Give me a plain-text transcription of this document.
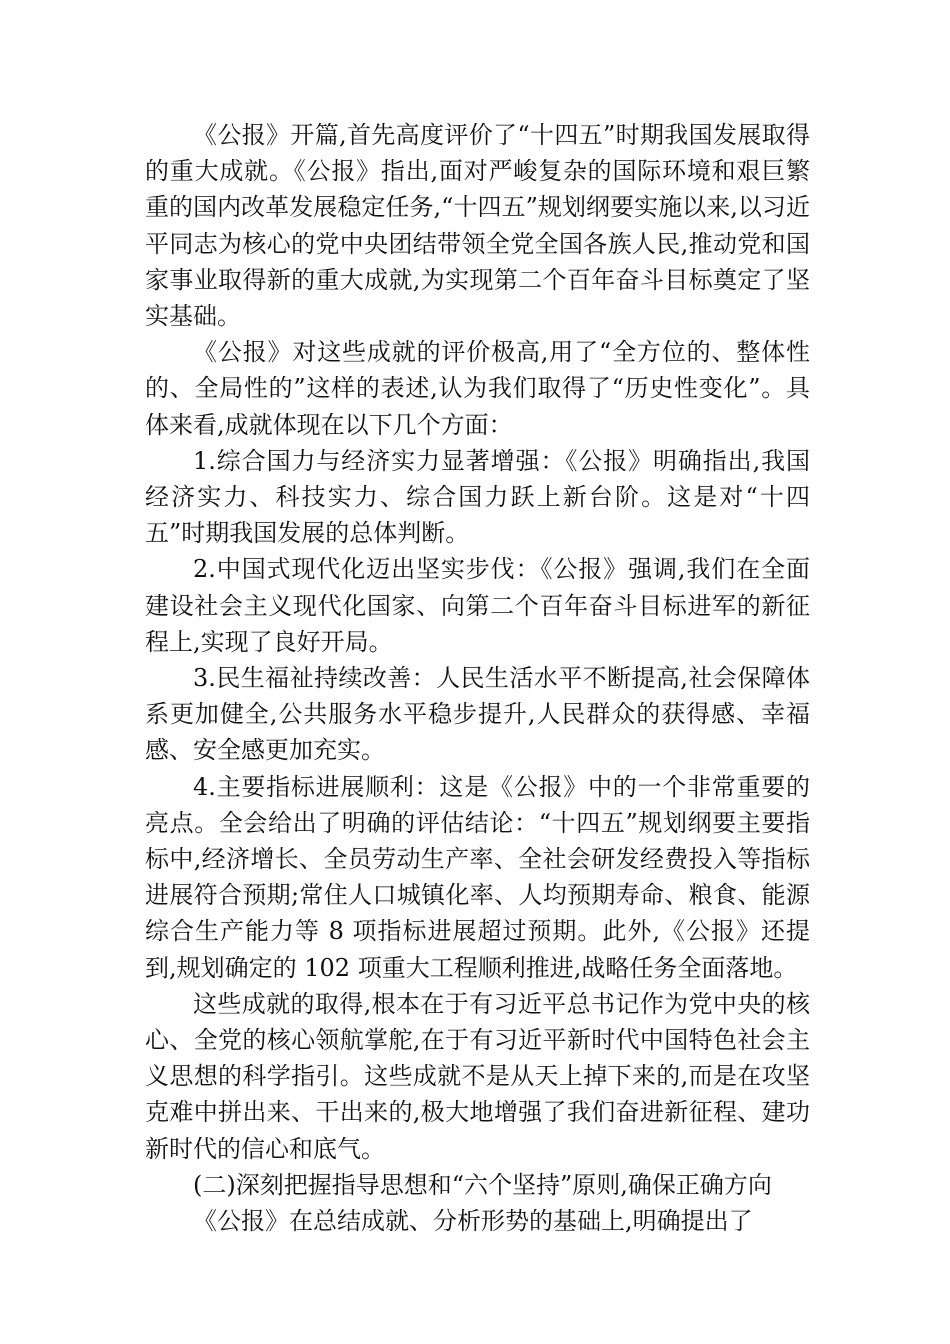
《公报》开篇,首先高度评价了“十四五”时期我国发展取得的重大成就。《公报》指出,面对严峻复杂的国际环境和艰巨繁重的国内改革发展稳定任务,“十四五”规划纲要实施以来,以习近平同志为核心的党中央团结带领全党全国各族人民,推动党和国家事业取得新的重大成就,为实现第二个百年奋斗目标奠定了坚实基础。

《公报》对这些成就的评价极高,用了“全方位的、整体性的、全局性的”这样的表述,认为我们取得了“历史性变化”。具体来看,成就体现在以下几个方面：

1.综合国力与经济实力显著增强：《公报》明确指出,我国经济实力、科技实力、综合国力跃上新台阶。这是对“十四五”时期我国发展的总体判断。

2.中国式现代化迈出坚实步伐：《公报》强调,我们在全面建设社会主义现代化国家、向第二个百年奋斗目标进军的新征程上,实现了良好开局。

3.民生福祉持续改善：人民生活水平不断提高,社会保障体系更加健全,公共服务水平稳步提升,人民群众的获得感、幸福感、安全感更加充实。

4.主要指标进展顺利：这是《公报》中的一个非常重要的亮点。全会给出了明确的评估结论：“十四五”规划纲要主要指标中,经济增长、全员劳动生产率、全社会研发经费投入等指标进展符合预期;常住人口城镇化率、人均预期寿命、粮食、能源综合生产能力等 8 项指标进展超过预期。此外,《公报》还提到,规划确定的 102 项重大工程顺利推进,战略任务全面落地。

这些成就的取得,根本在于有习近平总书记作为党中央的核心、全党的核心领航掌舵,在于有习近平新时代中国特色社会主义思想的科学指引。这些成就不是从天上掉下来的,而是在攻坚克难中拼出来、干出来的,极大地增强了我们奋进新征程、建功新时代的信心和底气。

(二)深刻把握指导思想和“六个坚持”原则,确保正确方向

《公报》在总结成就、分析形势的基础上,明确提出了
